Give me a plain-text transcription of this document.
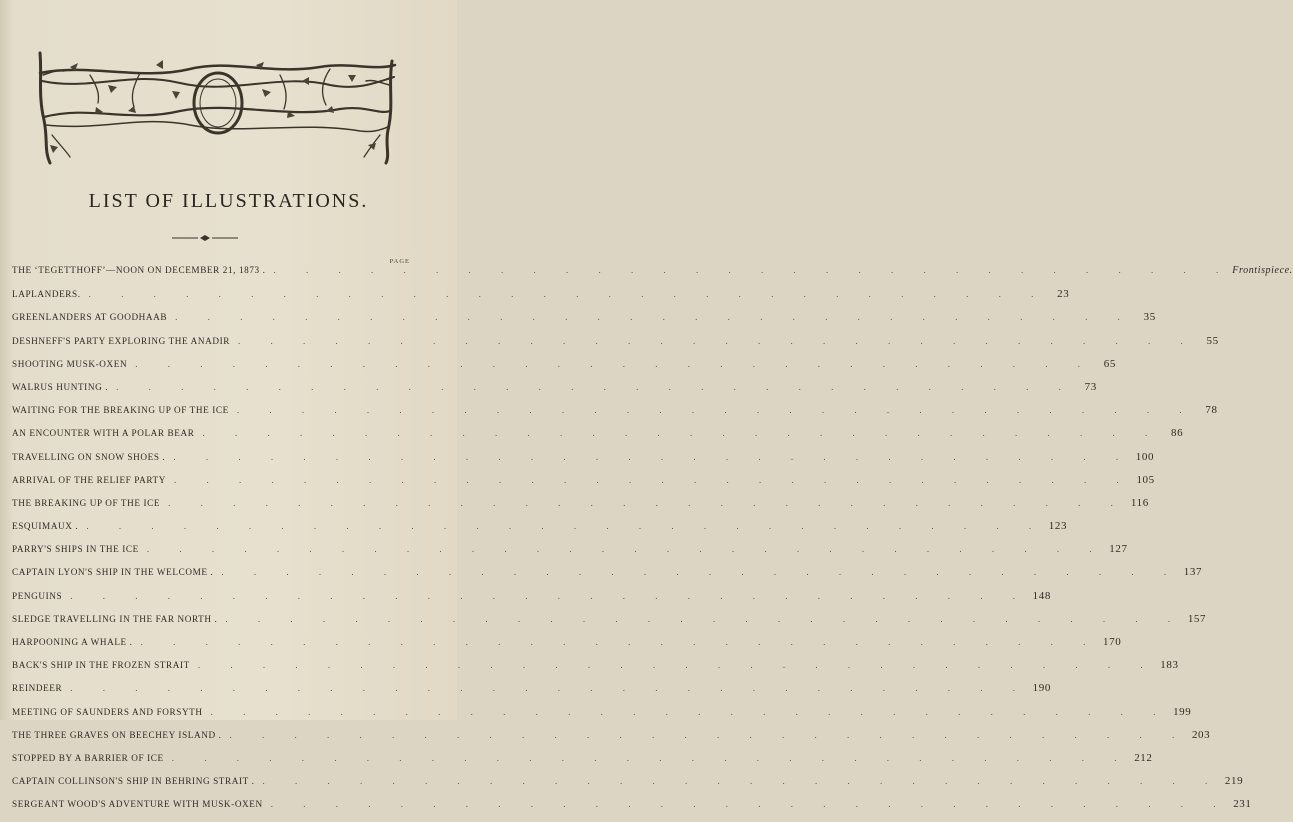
LIST OF ILLUSTRATIONS.
PAGE
THE ‘TEGETTHOFF’—NOON ON DECEMBER 21, 1873 . . . . . . . . . . . . . . . . . . . . . . . . . . . . . . . Frontispiece.
LAPLANDERS. . . . . . . . . . . . . . . . . . . . . . . . . . . . . . . 23
GREENLANDERS AT GOODHAAB . . . . . . . . . . . . . . . . . . . . . . . . . . . . . . 35
DESHNEFF'S PARTY EXPLORING THE ANADIR . . . . . . . . . . . . . . . . . . . . . . . . . . . . . . 55
SHOOTING MUSK-OXEN . . . . . . . . . . . . . . . . . . . . . . . . . . . . . . 65
WALRUS HUNTING . . . . . . . . . . . . . . . . . . . . . . . . . . . . . . . 73
WAITING FOR THE BREAKING UP OF THE ICE . . . . . . . . . . . . . . . . . . . . . . . . . . . . . . 78
AN ENCOUNTER WITH A POLAR BEAR . . . . . . . . . . . . . . . . . . . . . . . . . . . . . . 86
TRAVELLING ON SNOW SHOES . . . . . . . . . . . . . . . . . . . . . . . . . . . . . . . 100
ARRIVAL OF THE RELIEF PARTY . . . . . . . . . . . . . . . . . . . . . . . . . . . . . . 105
THE BREAKING UP OF THE ICE . . . . . . . . . . . . . . . . . . . . . . . . . . . . . . 116
ESQUIMAUX . . . . . . . . . . . . . . . . . . . . . . . . . . . . . . . 123
PARRY'S SHIPS IN THE ICE . . . . . . . . . . . . . . . . . . . . . . . . . . . . . . 127
CAPTAIN LYON'S SHIP IN THE WELCOME . . . . . . . . . . . . . . . . . . . . . . . . . . . . . . . 137
PENGUINS . . . . . . . . . . . . . . . . . . . . . . . . . . . . . . 148
SLEDGE TRAVELLING IN THE FAR NORTH . . . . . . . . . . . . . . . . . . . . . . . . . . . . . . . 157
HARPOONING A WHALE . . . . . . . . . . . . . . . . . . . . . . . . . . . . . . . 170
BACK'S SHIP IN THE FROZEN STRAIT . . . . . . . . . . . . . . . . . . . . . . . . . . . . . . 183
REINDEER . . . . . . . . . . . . . . . . . . . . . . . . . . . . . . 190
MEETING OF SAUNDERS AND FORSYTH . . . . . . . . . . . . . . . . . . . . . . . . . . . . . . 199
THE THREE GRAVES ON BEECHEY ISLAND . . . . . . . . . . . . . . . . . . . . . . . . . . . . . . . 203
STOPPED BY A BARRIER OF ICE . . . . . . . . . . . . . . . . . . . . . . . . . . . . . . 212
CAPTAIN COLLINSON'S SHIP IN BEHRING STRAIT . . . . . . . . . . . . . . . . . . . . . . . . . . . . . . . 219
SERGEANT WOOD'S ADVENTURE WITH MUSK-OXEN . . . . . . . . . . . . . . . . . . . . . . . . . . . . . . 231
